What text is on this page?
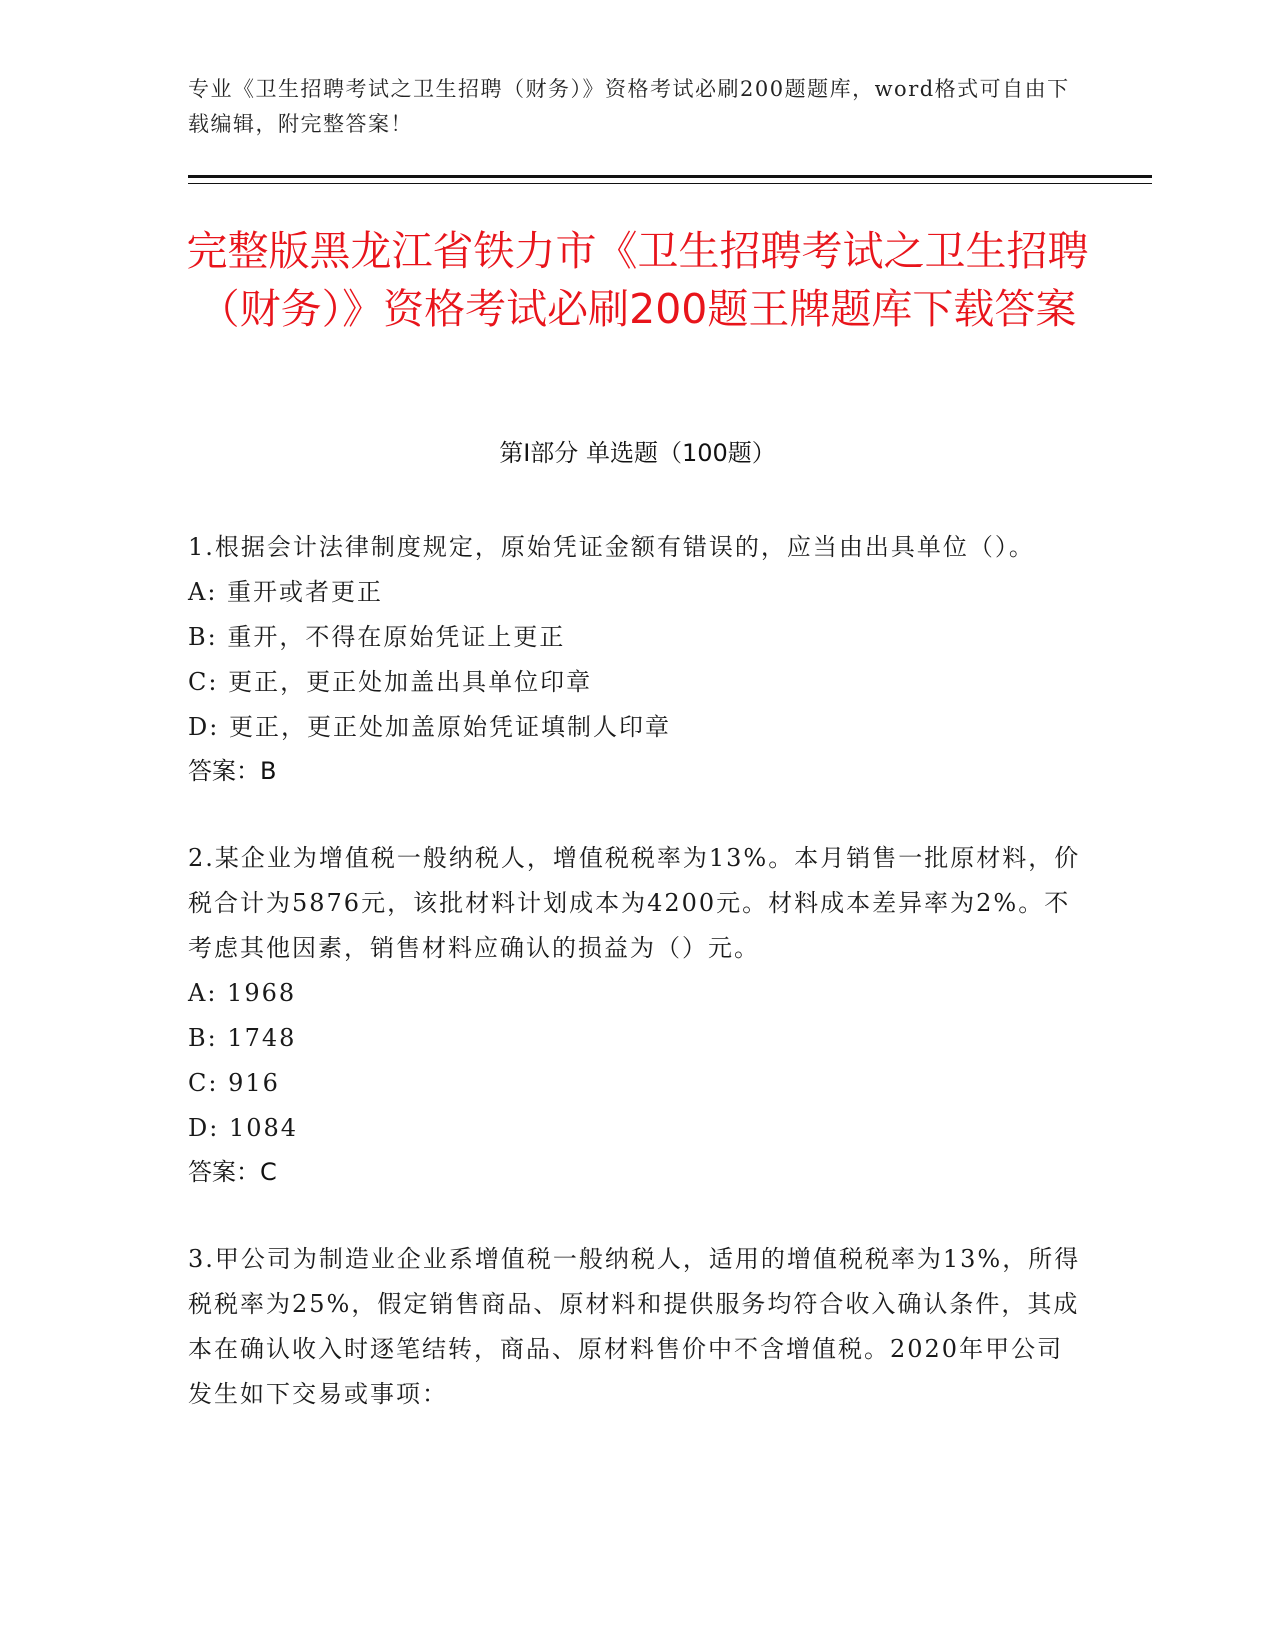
专业《卫生招聘考试之卫生招聘（财务）》资格考试必刷200题题库，word格式可自由下载编辑，附完整答案！
完整版黑龙江省铁力市《卫生招聘考试之卫生招聘（财务）》资格考试必刷200题王牌题库下载答案
第Ⅰ部分 单选题（100题）

1.根据会计法律制度规定，原始凭证金额有错误的，应当由出具单位（）。

A: 重开或者更正

B: 重开，不得在原始凭证上更正

C: 更正，更正处加盖出具单位印章

D: 更正，更正处加盖原始凭证填制人印章

答案：B

2.某企业为增值税一般纳税人，增值税税率为13%。本月销售一批原材料，价税合计为5876元，该批材料计划成本为4200元。材料成本差异率为2%。不考虑其他因素，销售材料应确认的损益为（）元。

A: 1968

B: 1748

C: 916

D: 1084

答案：C

3.甲公司为制造业企业系增值税一般纳税人，适用的增值税税率为13%，所得税税率为25%，假定销售商品、原材料和提供服务均符合收入确认条件，其成本在确认收入时逐笔结转，商品、原材料售价中不含增值税。2020年甲公司发生如下交易或事项：
